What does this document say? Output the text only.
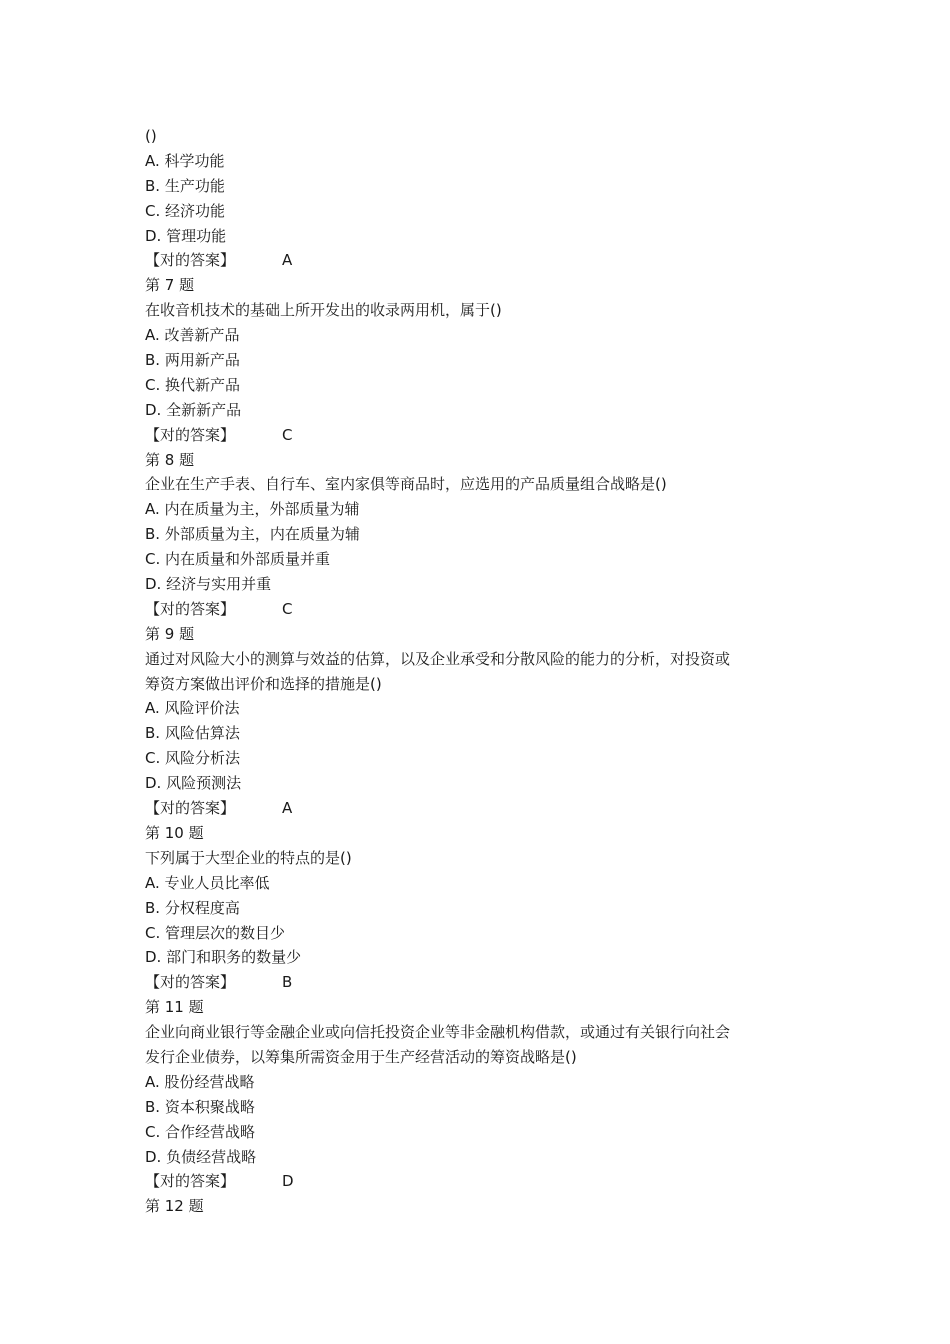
()
A. 科学功能
B. 生产功能
C. 经济功能
D. 管理功能
【对的答案】	A
第 7 题
在收音机技术的基础上所开发出的收录两用机，属于()
A. 改善新产品
B. 两用新产品
C. 换代新产品
D. 全新新产品
【对的答案】	C
第 8 题
企业在生产手表、自行车、室内家俱等商品时，应选用的产品质量组合战略是()
A. 内在质量为主，外部质量为辅
B. 外部质量为主，内在质量为辅
C. 内在质量和外部质量并重
D. 经济与实用并重
【对的答案】	C
第 9 题
通过对风险大小的测算与效益的估算，以及企业承受和分散风险的能力的分析，对投资或
筹资方案做出评价和选择的措施是()
A. 风险评价法
B. 风险估算法
C. 风险分析法
D. 风险预测法
【对的答案】	A
第 10 题
下列属于大型企业的特点的是()
A. 专业人员比率低
B. 分权程度高
C. 管理层次的数目少
D. 部门和职务的数量少
【对的答案】	B
第 11 题
企业向商业银行等金融企业或向信托投资企业等非金融机构借款，或通过有关银行向社会
发行企业债券，以筹集所需资金用于生产经营活动的筹资战略是()
A. 股份经营战略
B. 资本积聚战略
C. 合作经营战略
D. 负债经营战略
【对的答案】	D
第 12 题
